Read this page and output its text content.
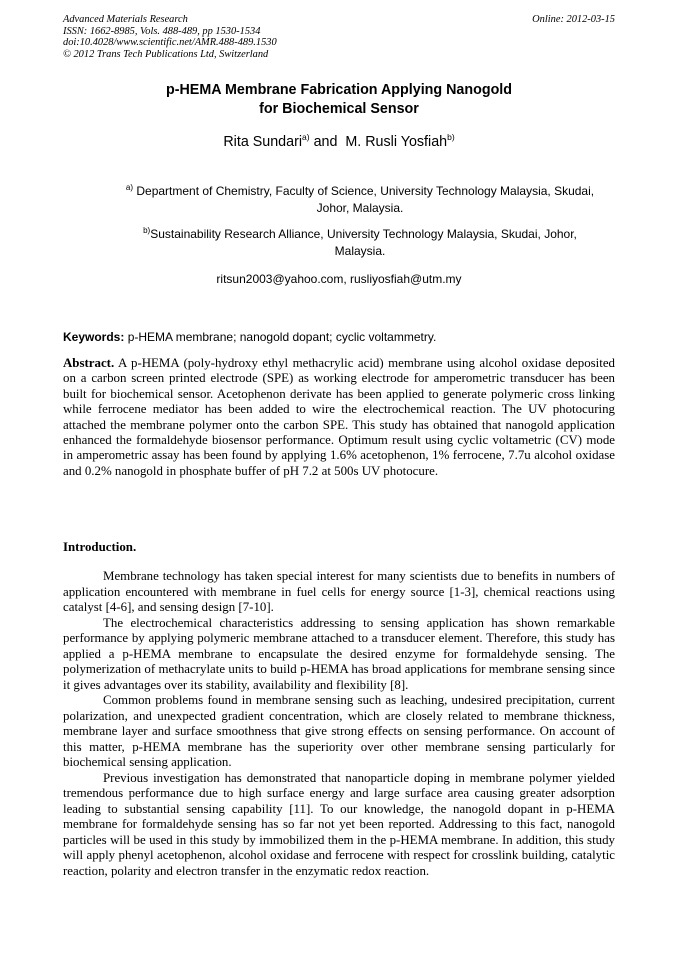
Advanced Materials Research
ISSN: 1662-8985, Vols. 488-489, pp 1530-1534
doi:10.4028/www.scientific.net/AMR.488-489.1530
© 2012 Trans Tech Publications Ltd, Switzerland
Online: 2012-03-15
p-HEMA Membrane Fabrication Applying Nanogold
for Biochemical Sensor
Rita Sundari$^{a)}$ and  M. Rusli Yosfiah$^{b)}$
$^{a)}$ Department of Chemistry, Faculty of Science, University Technology Malaysia, Skudai,
Johor, Malaysia.
$^{b)}$Sustainability Research Alliance, University Technology Malaysia, Skudai, Johor,
Malaysia.
ritsun2003@yahoo.com, rusliyosfiah@utm.my
Keywords: p-HEMA membrane; nanogold dopant; cyclic voltammetry.
Abstract. A p-HEMA (poly-hydroxy ethyl methacrylic acid) membrane using alcohol oxidase deposited on a carbon screen printed electrode (SPE) as working electrode for amperometric transducer has been built for biochemical sensor. Acetophenon derivate has been applied to generate polymeric cross linking while ferrocene mediator has been added to wire the electrochemical reaction. The UV photocuring attached the membrane polymer onto the carbon SPE. This study has obtained that nanogold application enhanced the formaldehyde biosensor performance. Optimum result using cyclic voltametric (CV) mode in amperometric assay has been found by applying 1.6% acetophenon, 1% ferrocene, 7.7u alcohol oxidase and 0.2% nanogold in phosphate buffer of pH 7.2 at 500s UV photocure.
Introduction.

Membrane technology has taken special interest for many scientists due to benefits in numbers of application encountered with membrane in fuel cells for energy source [1-3], chemical reactions using catalyst [4-6], and sensing design [7-10].

The electrochemical characteristics addressing to sensing application has shown remarkable performance by applying polymeric membrane attached to a transducer element. Therefore, this study has applied a p-HEMA membrane to encapsulate the desired enzyme for formaldehyde sensing. The polymerization of methacrylate units to build p-HEMA has broad applications for membrane sensing since it gives advantages over its stability, availability and flexibility [8].

Common problems found in membrane sensing such as leaching, undesired precipitation, current polarization, and unexpected gradient concentration, which are closely related to membrane thickness, membrane layer and surface smoothness that give strong effects on sensing performance. On account of this matter, p-HEMA membrane has the superiority over other membrane sensing particularly for biochemical sensing application.

Previous investigation has demonstrated that nanoparticle doping in membrane polymer yielded tremendous performance due to high surface energy and large surface area causing greater adsorption leading to substantial sensing capability [11]. To our knowledge, the nanogold dopant in p-HEMA membrane for formaldehyde sensing has so far not yet been reported. Addressing to this fact, nanogold particles will be used in this study by immobilized them in the p-HEMA membrane. In addition, this study will apply phenyl acetophenon, alcohol oxidase and ferrocene with respect for crosslink building, catalytic reaction, polarity and electron transfer in the enzymatic redox reaction.
